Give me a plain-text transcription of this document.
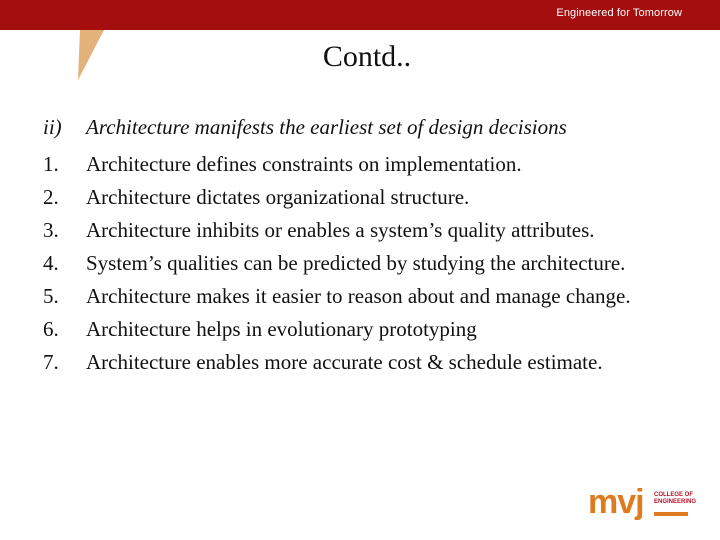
Engineered for Tomorrow
Contd..
ii) Architecture manifests the earliest set of design decisions
1. Architecture defines constraints on implementation.
2. Architecture dictates organizational structure.
3. Architecture inhibits or enables a system’s quality attributes.
4. System’s qualities can be predicted by studying the architecture.
5. Architecture makes it easier to reason about and manage change.
6. Architecture helps in evolutionary prototyping
7. Architecture enables more accurate cost & schedule estimate.
mvj COLLEGE OF
ENGINEERING
